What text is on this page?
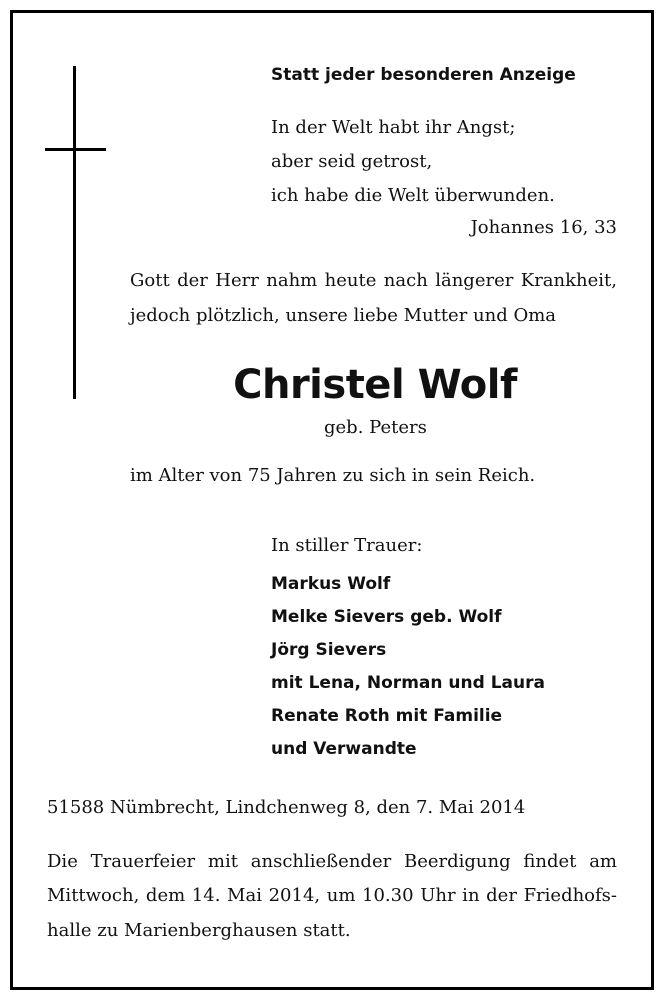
Statt jeder besonderen Anzeige
In der Welt habt ihr Angst;
aber seid getrost,
ich habe die Welt überwunden.
Johannes 16, 33
Gott der Herr nahm heute nach längerer Krankheit,
jedoch plötzlich, unsere liebe Mutter und Oma
Christel Wolf
geb. Peters
im Alter von 75 Jahren zu sich in sein Reich.
In stiller Trauer:
Markus Wolf
Melke Sievers geb. Wolf
Jörg Sievers
mit Lena, Norman und Laura
Renate Roth mit Familie
und Verwandte
51588 Nümbrecht, Lindchenweg 8, den 7. Mai 2014
Die Trauerfeier mit anschließender Beerdigung findet am
Mittwoch, dem 14. Mai 2014, um 10.30 Uhr in der Friedhofs-
halle zu Marienberghausen statt.
